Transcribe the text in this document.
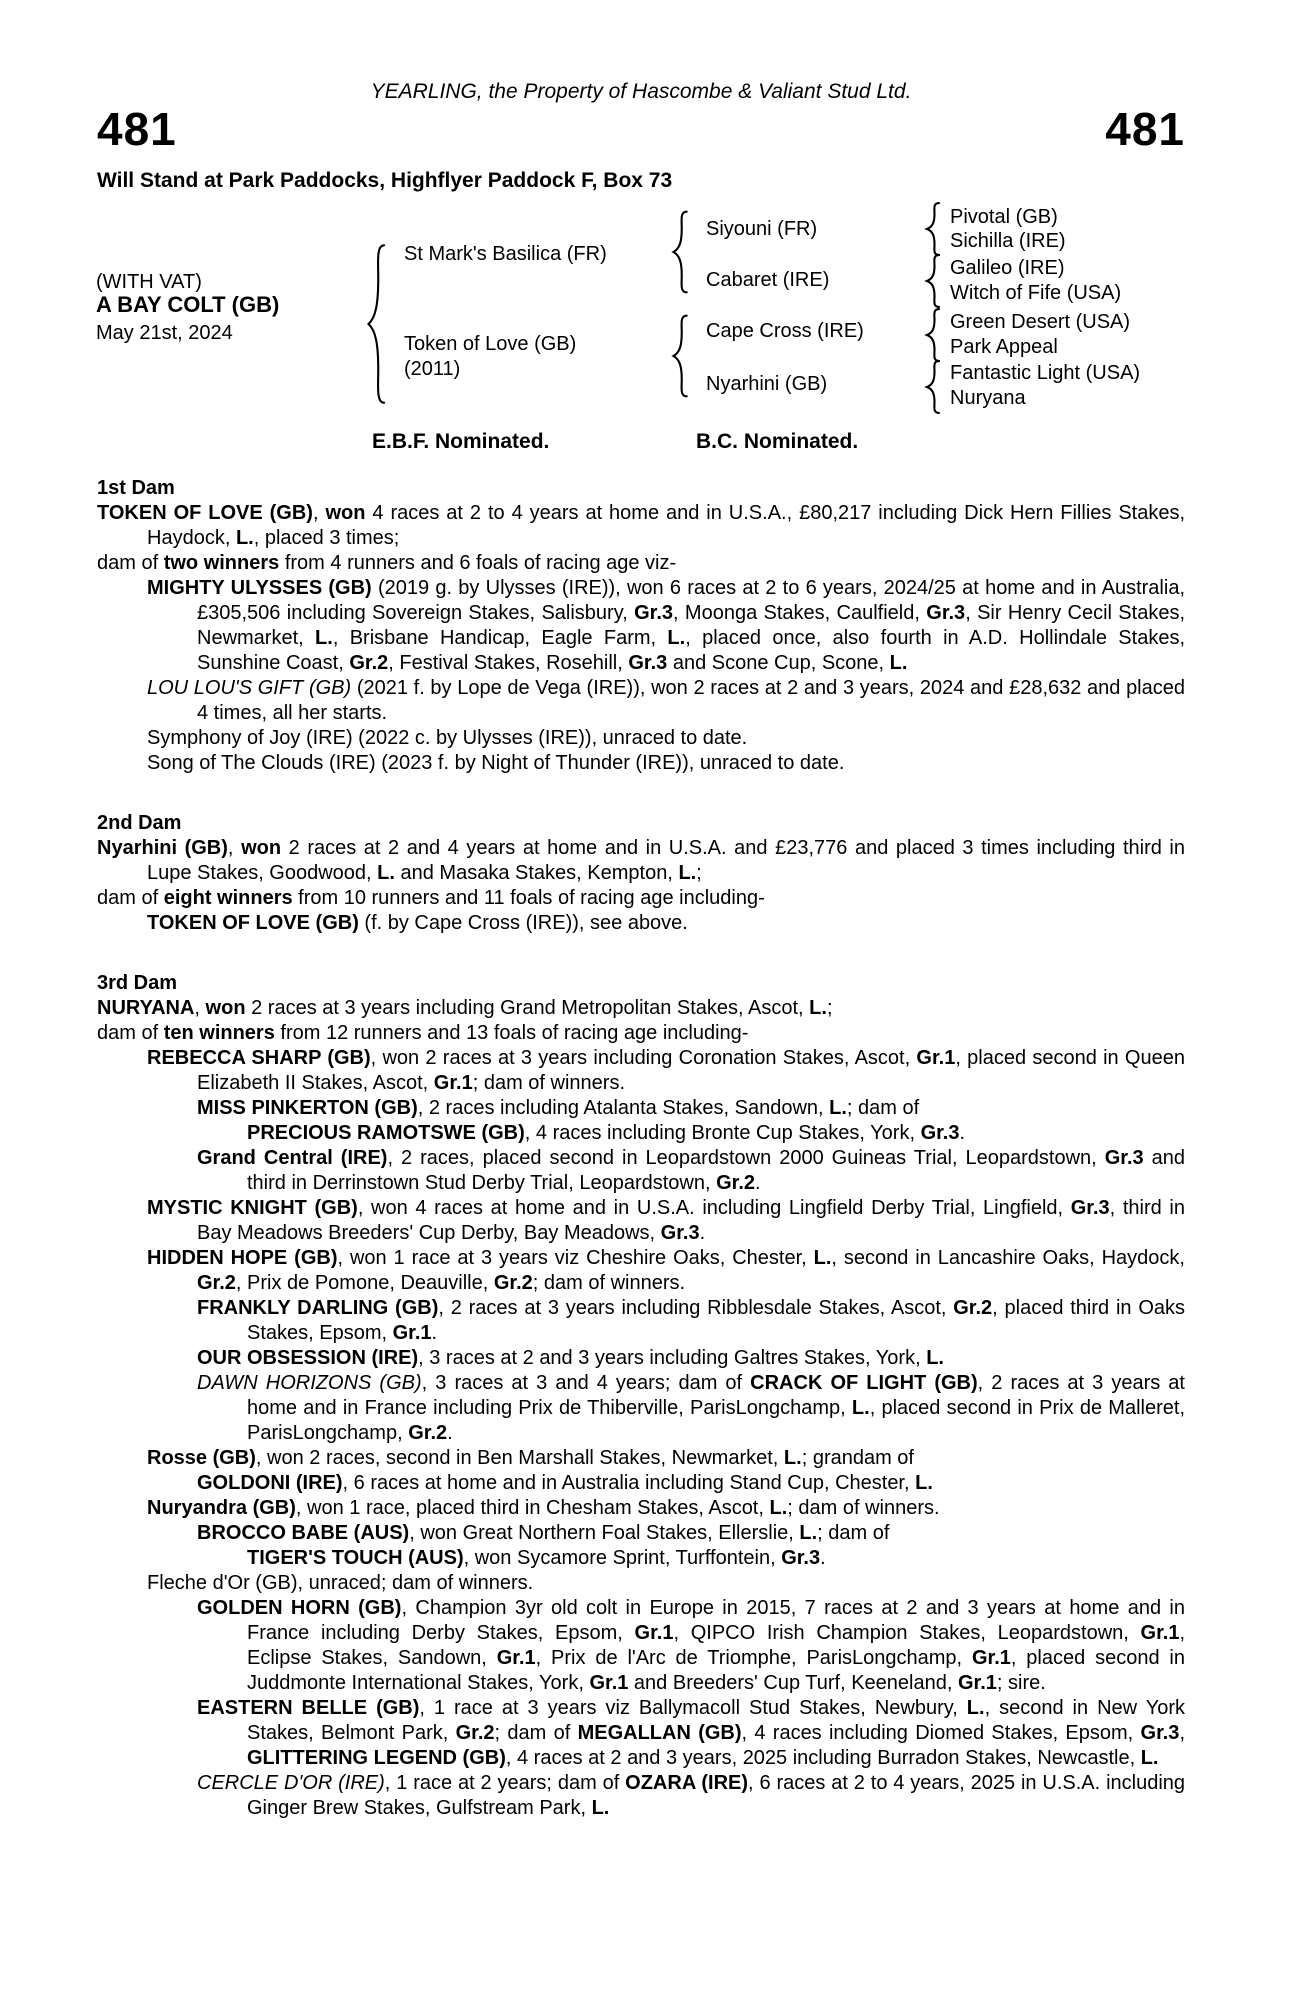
YEARLING, the Property of Hascombe & Valiant Stud Ltd.
481	481
Will Stand at Park Paddocks, Highflyer Paddock F, Box 73
(WITH VAT)
A BAY COLT (GB)
May 21st, 2024
St Mark's Basilica (FR)
Token of Love (GB)
(2011)
Siyouni (FR)
Cabaret (IRE)
Cape Cross (IRE)
Nyarhini (GB)
Pivotal (GB)
Sichilla (IRE)
Galileo (IRE)
Witch of Fife (USA)
Green Desert (USA)
Park Appeal
Fantastic Light (USA)
Nuryana
E.B.F. Nominated.	B.C. Nominated.
1st Dam

TOKEN OF LOVE (GB), won 4 races at 2 to 4 years at home and in U.S.A., £80,217 including Dick Hern Fillies Stakes, Haydock, L., placed 3 times;

dam of two winners from 4 runners and 6 foals of racing age viz-

MIGHTY ULYSSES (GB) (2019 g. by Ulysses (IRE)), won 6 races at 2 to 6 years, 2024/25 at home and in Australia, £305,506 including Sovereign Stakes, Salisbury, Gr.3, Moonga Stakes, Caulfield, Gr.3, Sir Henry Cecil Stakes, Newmarket, L., Brisbane Handicap, Eagle Farm, L., placed once, also fourth in A.D. Hollindale Stakes, Sunshine Coast, Gr.2, Festival Stakes, Rosehill, Gr.3 and Scone Cup, Scone, L.

LOU LOU'S GIFT (GB) (2021 f. by Lope de Vega (IRE)), won 2 races at 2 and 3 years, 2024 and £28,632 and placed 4 times, all her starts.

Symphony of Joy (IRE) (2022 c. by Ulysses (IRE)), unraced to date.

Song of The Clouds (IRE) (2023 f. by Night of Thunder (IRE)), unraced to date.

2nd Dam

Nyarhini (GB), won 2 races at 2 and 4 years at home and in U.S.A. and £23,776 and placed 3 times including third in Lupe Stakes, Goodwood, L. and Masaka Stakes, Kempton, L.;

dam of eight winners from 10 runners and 11 foals of racing age including-

TOKEN OF LOVE (GB) (f. by Cape Cross (IRE)), see above.

3rd Dam

NURYANA, won 2 races at 3 years including Grand Metropolitan Stakes, Ascot, L.;

dam of ten winners from 12 runners and 13 foals of racing age including-

REBECCA SHARP (GB), won 2 races at 3 years including Coronation Stakes, Ascot, Gr.1, placed second in Queen Elizabeth II Stakes, Ascot, Gr.1; dam of winners.

MISS PINKERTON (GB), 2 races including Atalanta Stakes, Sandown, L.; dam of

PRECIOUS RAMOTSWE (GB), 4 races including Bronte Cup Stakes, York, Gr.3.

Grand Central (IRE), 2 races, placed second in Leopardstown 2000 Guineas Trial, Leopardstown, Gr.3 and third in Derrinstown Stud Derby Trial, Leopardstown, Gr.2.

MYSTIC KNIGHT (GB), won 4 races at home and in U.S.A. including Lingfield Derby Trial, Lingfield, Gr.3, third in Bay Meadows Breeders' Cup Derby, Bay Meadows, Gr.3.

HIDDEN HOPE (GB), won 1 race at 3 years viz Cheshire Oaks, Chester, L., second in Lancashire Oaks, Haydock, Gr.2, Prix de Pomone, Deauville, Gr.2; dam of winners.

FRANKLY DARLING (GB), 2 races at 3 years including Ribblesdale Stakes, Ascot, Gr.2, placed third in Oaks Stakes, Epsom, Gr.1.

OUR OBSESSION (IRE), 3 races at 2 and 3 years including Galtres Stakes, York, L.

DAWN HORIZONS (GB), 3 races at 3 and 4 years; dam of CRACK OF LIGHT (GB), 2 races at 3 years at home and in France including Prix de Thiberville, ParisLongchamp, L., placed second in Prix de Malleret, ParisLongchamp, Gr.2.

Rosse (GB), won 2 races, second in Ben Marshall Stakes, Newmarket, L.; grandam of

GOLDONI (IRE), 6 races at home and in Australia including Stand Cup, Chester, L.

Nuryandra (GB), won 1 race, placed third in Chesham Stakes, Ascot, L.; dam of winners.

BROCCO BABE (AUS), won Great Northern Foal Stakes, Ellerslie, L.; dam of

TIGER'S TOUCH (AUS), won Sycamore Sprint, Turffontein, Gr.3.

Fleche d'Or (GB), unraced; dam of winners.

GOLDEN HORN (GB), Champion 3yr old colt in Europe in 2015, 7 races at 2 and 3 years at home and in France including Derby Stakes, Epsom, Gr.1, QIPCO Irish Champion Stakes, Leopardstown, Gr.1, Eclipse Stakes, Sandown, Gr.1, Prix de l'Arc de Triomphe, ParisLongchamp, Gr.1, placed second in Juddmonte International Stakes, York, Gr.1 and Breeders' Cup Turf, Keeneland, Gr.1; sire.

EASTERN BELLE (GB), 1 race at 3 years viz Ballymacoll Stud Stakes, Newbury, L., second in New York Stakes, Belmont Park, Gr.2; dam of MEGALLAN (GB), 4 races including Diomed Stakes, Epsom, Gr.3, GLITTERING LEGEND (GB), 4 races at 2 and 3 years, 2025 including Burradon Stakes, Newcastle, L.

CERCLE D'OR (IRE), 1 race at 2 years; dam of OZARA (IRE), 6 races at 2 to 4 years, 2025 in U.S.A. including Ginger Brew Stakes, Gulfstream Park, L.
